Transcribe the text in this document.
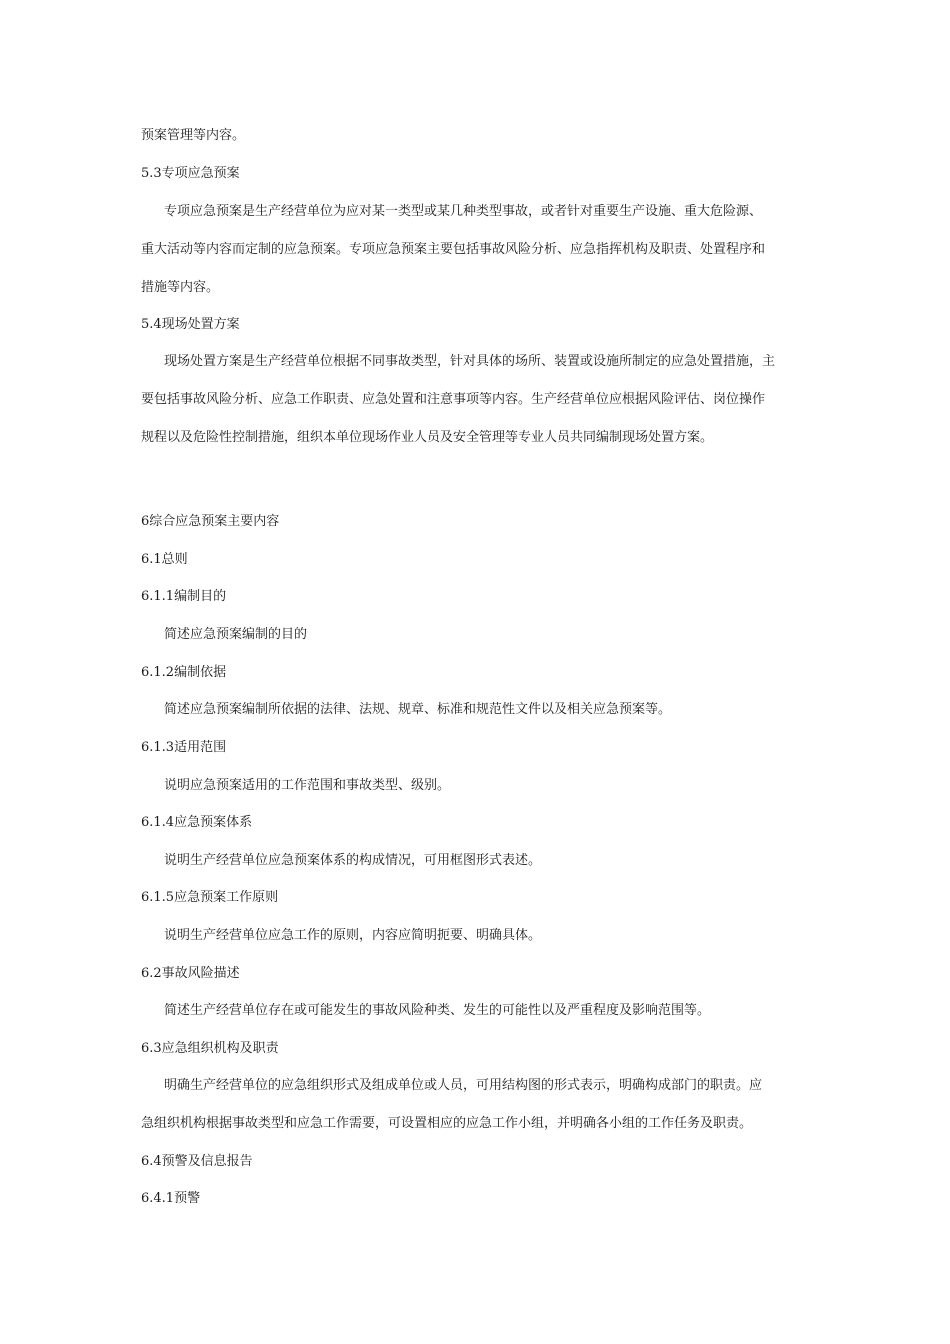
预案管理等内容。
5.3专项应急预案
专项应急预案是生产经营单位为应对某一类型或某几种类型事故，或者针对重要生产设施、重大危险源、
重大活动等内容而定制的应急预案。专项应急预案主要包括事故风险分析、应急指挥机构及职责、处置程序和
措施等内容。
5.4现场处置方案
现场处置方案是生产经营单位根据不同事故类型，针对具体的场所、装置或设施所制定的应急处置措施，主
要包括事故风险分析、应急工作职责、应急处置和注意事项等内容。生产经营单位应根据风险评估、岗位操作
规程以及危险性控制措施，组织本单位现场作业人员及安全管理等专业人员共同编制现场处置方案。
6综合应急预案主要内容
6.1总则
6.1.1编制目的
简述应急预案编制的目的
6.1.2编制依据
简述应急预案编制所依据的法律、法规、规章、标准和规范性文件以及相关应急预案等。
6.1.3适用范围
说明应急预案适用的工作范围和事故类型、级别。
6.1.4应急预案体系
说明生产经营单位应急预案体系的构成情况，可用框图形式表述。
6.1.5应急预案工作原则
说明生产经营单位应急工作的原则，内容应简明扼要、明确具体。
6.2事故风险描述
简述生产经营单位存在或可能发生的事故风险种类、发生的可能性以及严重程度及影响范围等。
6.3应急组织机构及职责
明确生产经营单位的应急组织形式及组成单位或人员，可用结构图的形式表示，明确构成部门的职责。应
急组织机构根据事故类型和应急工作需要，可设置相应的应急工作小组，并明确各小组的工作任务及职责。
6.4预警及信息报告
6.4.1预警
